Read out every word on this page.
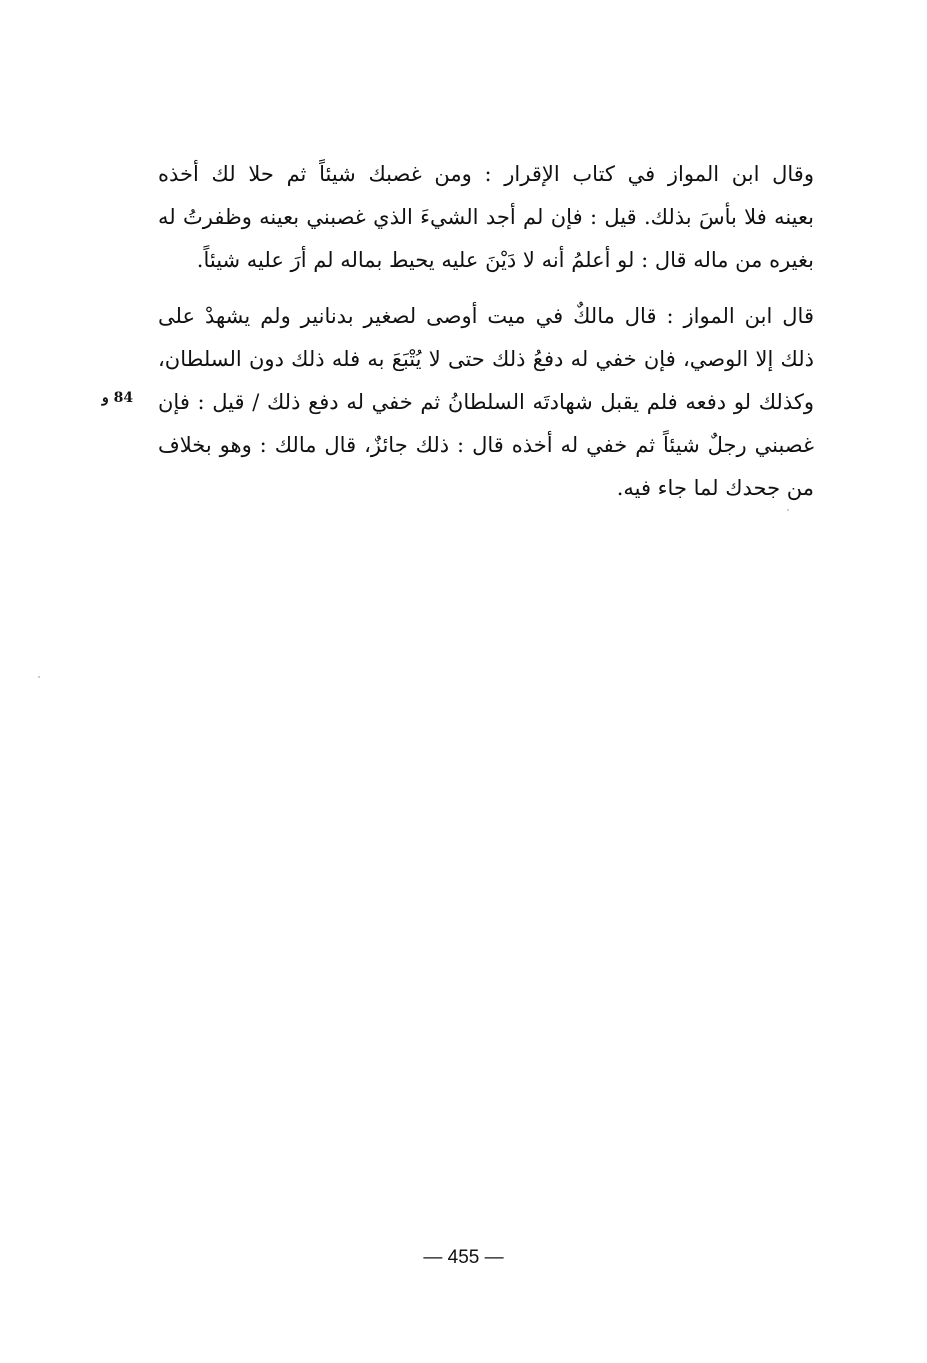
وقال ابن المواز في كتاب الإقرار : ومن غصبك شيئاً ثم حلا لك أخذه
بعينه فلا بأسَ بذلك. قيل : فإن لم أجد الشيءَ الذي غصبني بعينه وظفرتُ له
بغيره من ماله قال : لو أعلمُ أنه لا دَيْنَ عليه يحيط بماله لم أرَ عليه شيئاً.
قال ابن المواز : قال مالكٌ في ميت أوصى لصغير بدنانير ولم يشهدْ على
ذلك إلا الوصي، فإن خفي له دفعُ ذلك حتى لا يُتْبَعَ به فله ذلك دون السلطان،
وكذلك لو دفعه فلم يقبل شهادتَه السلطانُ ثم خفي له دفع ذلك / قيل : فإن
غصبني رجلٌ شيئاً ثم خفي له أخذه قال : ذلك جائزٌ، قال مالك : وهو بخلاف
من جحدك لما جاء فيه.
84 و
— 455 —
